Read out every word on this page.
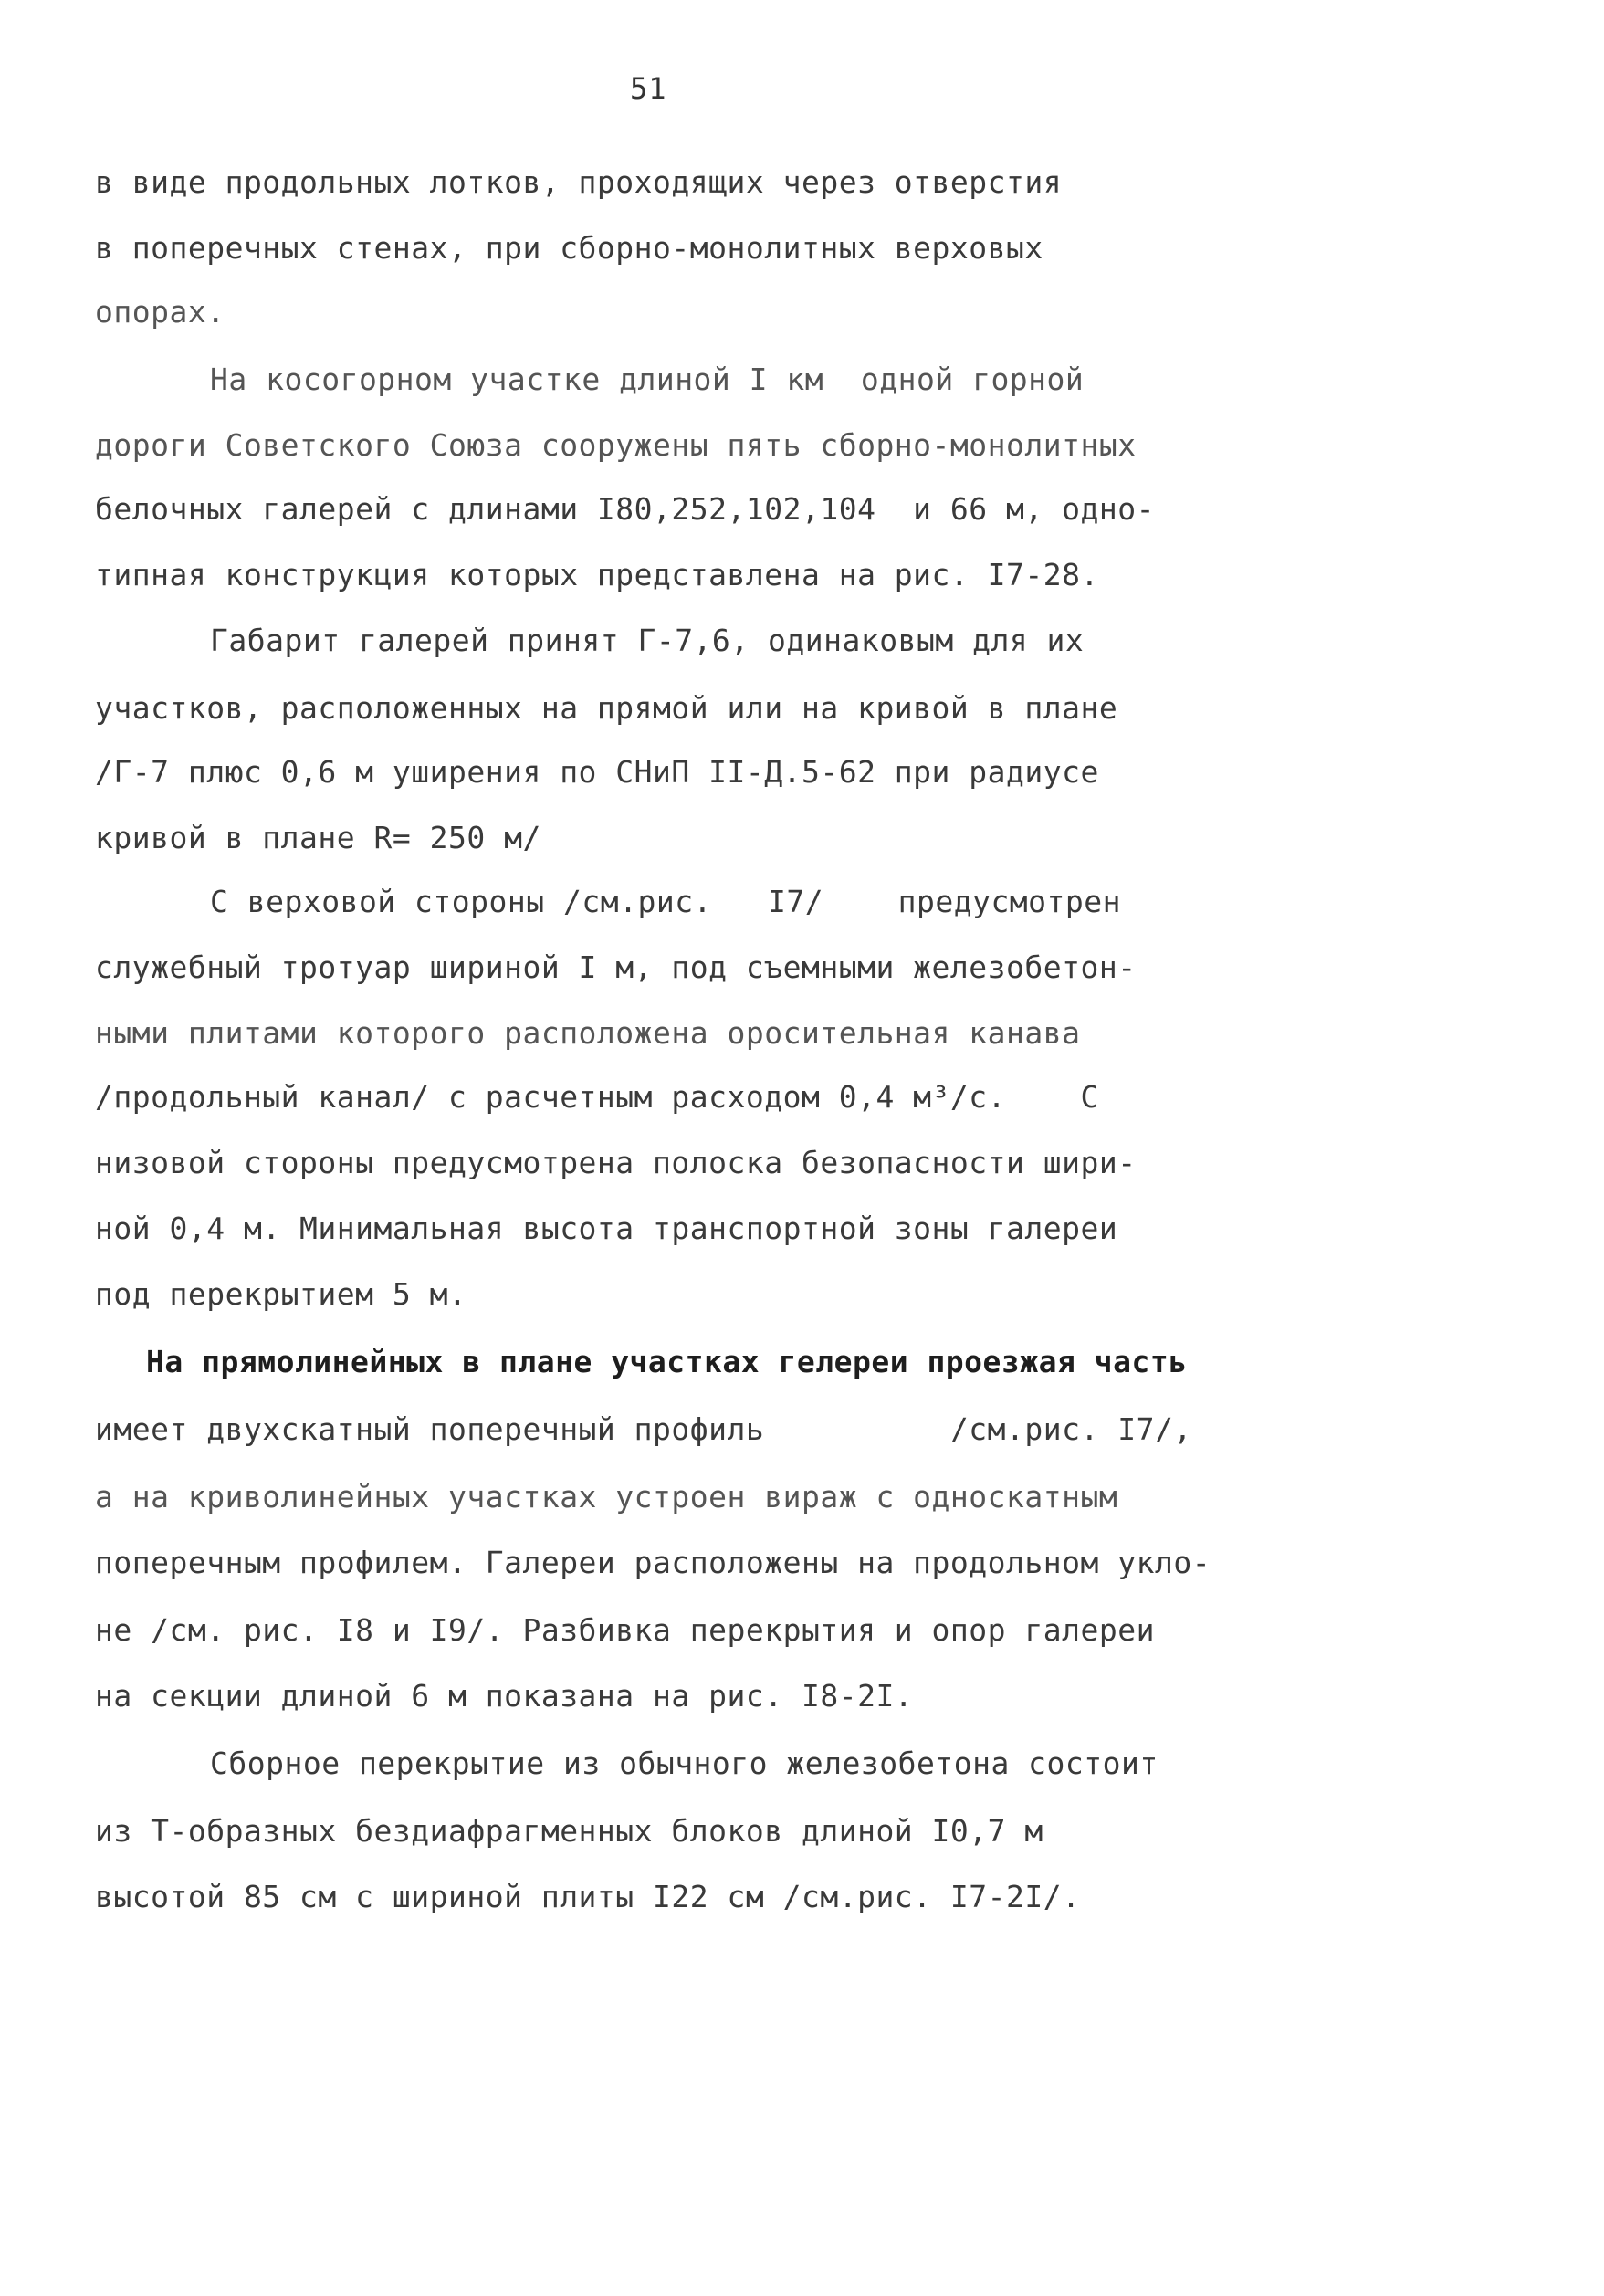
51
в виде продольных лотков, проходящих через отверстия
в поперечных стенах, при сборно-монолитных верховых
опорах.
На косогорном участке длиной I км  одной горной
дороги Советского Союза сооружены пять сборно-монолитных
белочных галерей с длинами I80,252,102,104  и 66 м, одно-
типная конструкция которых представлена на рис. I7-28.
Габарит галерей принят Г-7,6, одинаковым для их
участков, расположенных на прямой или на кривой в плане
/Г-7 плюс 0,6 м уширения по СНиП II-Д.5-62 при радиусе
кривой в плане R= 250 м/
С верховой стороны /см.рис.   I7/    предусмотрен
служебный тротуар шириной I м, под съемными железобетон-
ными плитами которого расположена оросительная канава
/продольный канал/ с расчетным расходом 0,4 м³/с.    С
низовой стороны предусмотрена полоска безопасности шири-
ной 0,4 м. Минимальная высота транспортной зоны галереи
под перекрытием 5 м.
На прямолинейных в плане участках гелереи проезжая часть
имеет двухскатный поперечный профиль          /см.рис. I7/,
а на криволинейных участках устроен вираж с односкатным
поперечным профилем. Галереи расположены на продольном укло-
не /см. рис. I8 и I9/. Разбивка перекрытия и опор галереи
на секции длиной 6 м показана на рис. I8-2I.
Сборное перекрытие из обычного железобетона состоит
из Т-образных бездиафрагменных блоков длиной I0,7 м
высотой 85 см с шириной плиты I22 см /см.рис. I7-2I/.
